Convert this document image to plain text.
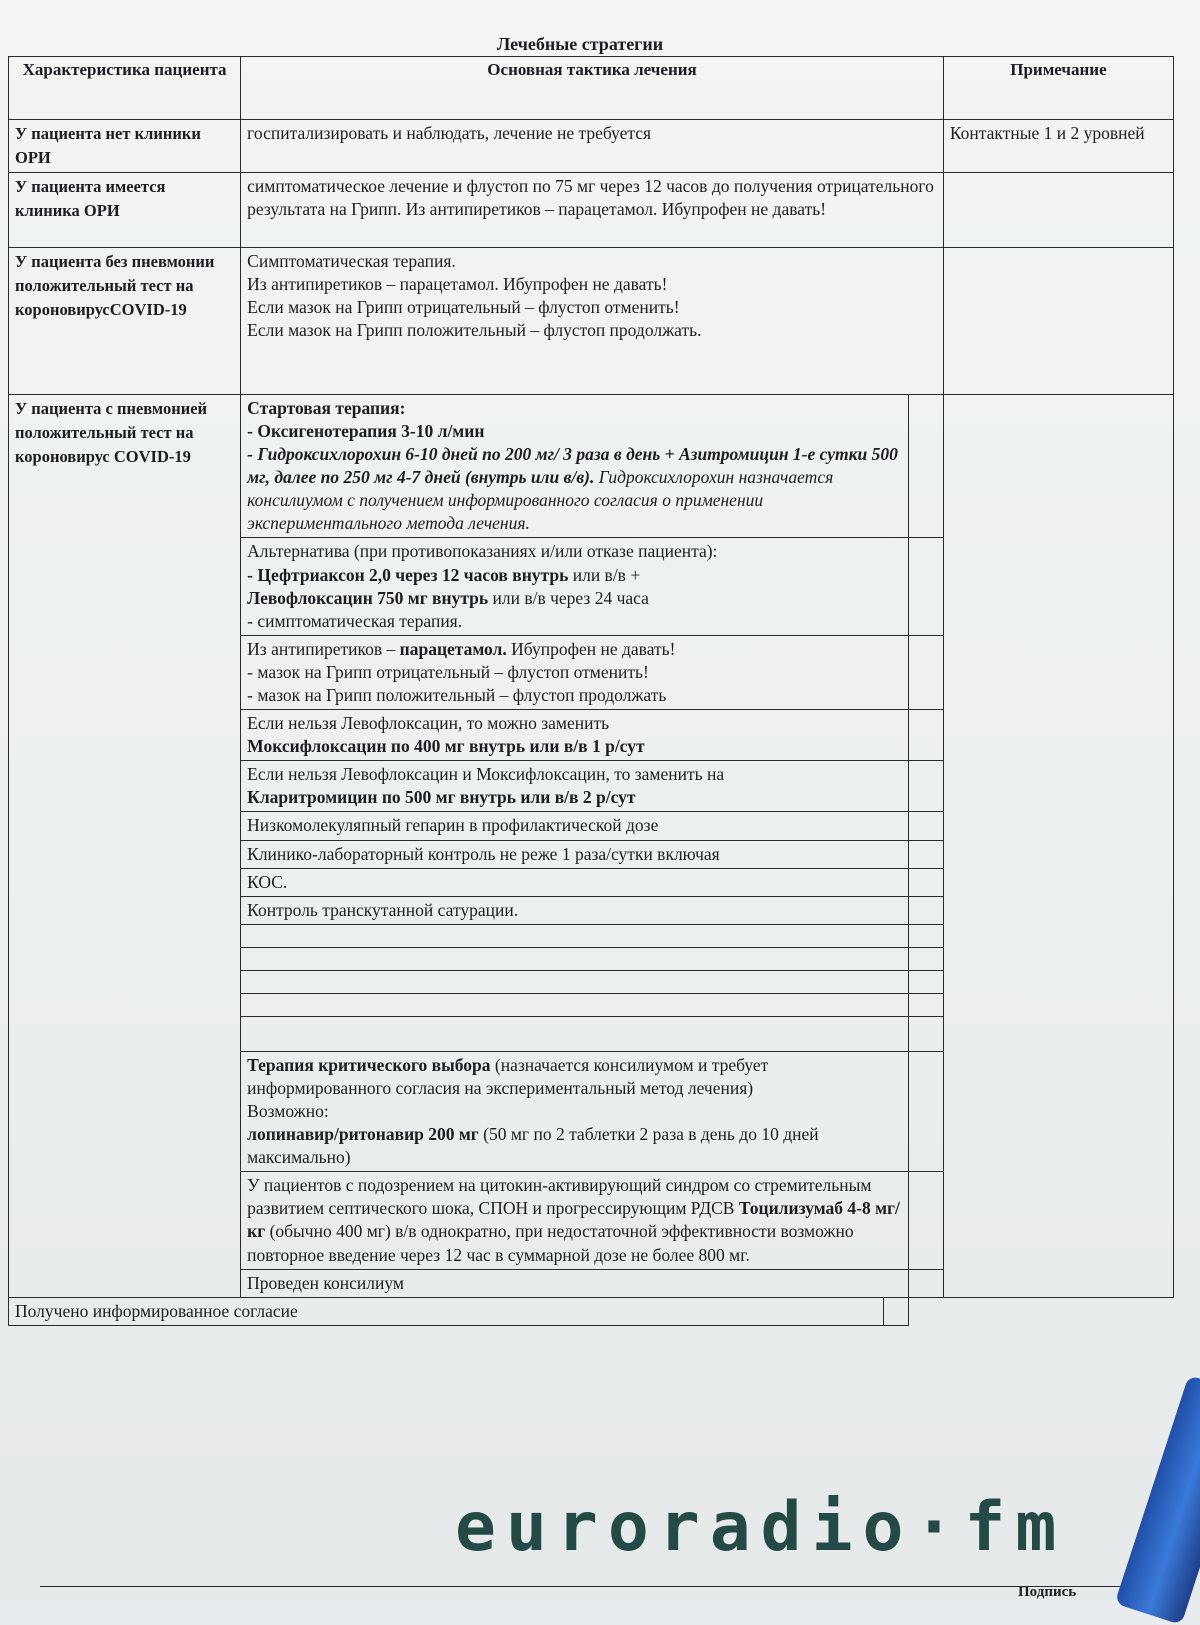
Лечебные стратегии
Характеристика пациента	Основная тактика лечения			Примечание
У пациента нет клиники ОРИ	госпитализировать и наблюдать, лечение не требуется			Контактные 1 и 2 уровней
У пациента имеется клиника ОРИ	симптоматическое лечение и флустоп по 75 мг через 12 часов до получения отрицательного результата на Грипп. Из антипиретиков – парацетамол. Ибупрофен не давать!			
У пациента без пневмонии положительный тест на короновирусCOVID-19	Симптоматическая терапия.
Из антипиретиков – парацетамол. Ибупрофен не давать!
Если мазок на Грипп отрицательный – флустоп отменить!
Если мазок на Грипп положительный – флустоп продолжать.			

У пациента с пневмонией положительный тест на короновирус COVID-19	Стартовая терапия:
- Оксигенотерапия 3-10 л/мин
- Гидроксихлорохин 6-10 дней по 200 мг/ 3 раза в день + Азитромицин 1-е сутки 500 мг, далее по 250 мг 4-7 дней (внутрь или в/в). Гидроксихлорохин назначается консилиумом с получением информированного согласия о применении экспериментального метода лечения.			

	Альтернатива (при противопоказаниях и/или отказе пациента):
- Цефтриаксон 2,0 через 12 часов внутрь или в/в +
Левофлоксацин 750 мг внутрь или в/в через 24 часа
- симптоматическая терапия.			

	Из антипиретиков – парацетамол. Ибупрофен не давать!
- мазок на Грипп отрицательный – флустоп отменить!
- мазок на Грипп положительный – флустоп продолжать			

	Если нельзя Левофлоксацин, то можно заменить
Моксифлоксацин по 400 мг внутрь или в/в 1 р/сут			

	Если нельзя Левофлоксацин и Моксифлоксацин, то заменить на
Кларитромицин по 500 мг внутрь или в/в 2 р/сут			

	Низкомолекуляпный гепарин в профилактической дозе			
	Клинико-лабораторный контроль не реже 1 раза/сутки включая			
	КОС.			
	Контроль транскутанной сатурации.			

	Терапия критического выбора (назначается консилиумом и требует информированного согласия на экспериментальный метод лечения)
Возможно:
лопинавир/ритонавир 200 мг (50 мг по 2 таблетки 2 раза в день до 10 дней максимально)			

	У пациентов с подозрением на цитокин-активирующий синдром со стремительным развитием септического шока, СПОН и прогрессирующим РДСВ Тоцилизумаб 4-8 мг/кг (обычно 400 мг) в/в однократно, при недостаточной эффективности возможно повторное введение через 12 час в суммарной дозе не более 800 мг.			
	Проведен консилиум			
Получено информированное согласие				
euroradio·fm
Подпись
